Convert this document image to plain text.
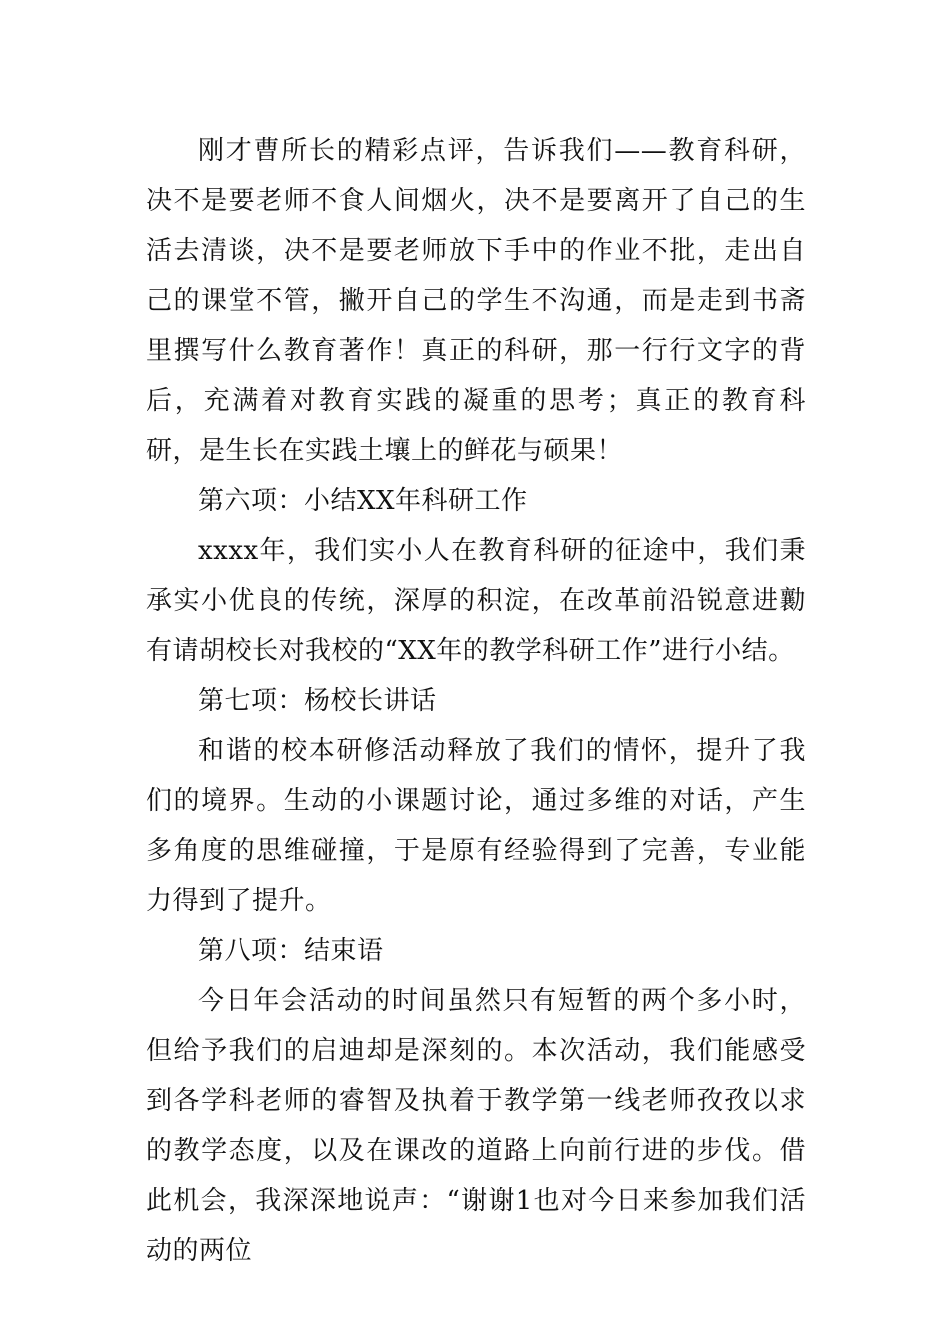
刚才曹所长的精彩点评，告诉我们——教育科研，决不是要老师不食人间烟火，决不是要离开了自己的生活去清谈，决不是要老师放下手中的作业不批，走出自己的课堂不管，撇开自己的学生不沟通，而是走到书斋里撰写什么教育著作！真正的科研，那一行行文字的背后，充满着对教育实践的凝重的思考；真正的教育科研，是生长在实践土壤上的鲜花与硕果！

第六项：小结XX年科研工作

xxxx年，我们实小人在教育科研的征途中，我们秉承实小优良的传统，深厚的积淀，在改革前沿锐意进勷有请胡校长对我校的“XX年的教学科研工作”进行小结。

第七项：杨校长讲话

和谐的校本研修活动释放了我们的情怀，提升了我们的境界。生动的小课题讨论，通过多维的对话，产生多角度的思维碰撞，于是原有经验得到了完善，专业能力得到了提升。

第八项：结束语

今日年会活动的时间虽然只有短暂的两个多小时，但给予我们的启迪却是深刻的。本次活动，我们能感受到各学科老师的睿智及执着于教学第一线老师孜孜以求的教学态度，以及在课改的道路上向前行进的步伐。借此机会，我深深地说声：“谢谢1也对今日来参加我们活动的两位
